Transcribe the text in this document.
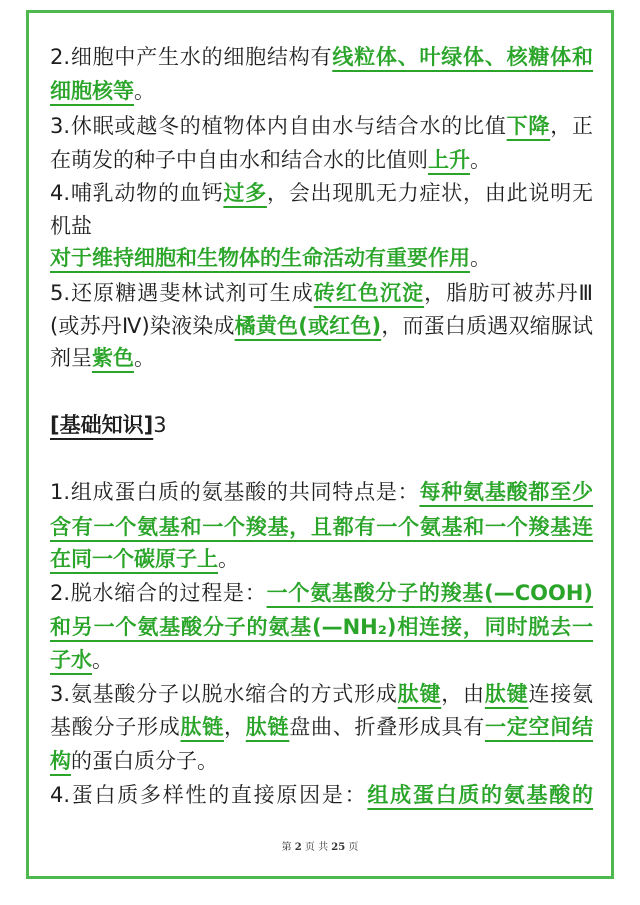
2.细胞中产生水的细胞结构有线粒体、叶绿体、核糖体和
细胞核等。
3.休眠或越冬的植物体内自由水与结合水的比值下降，正
在萌发的种子中自由水和结合水的比值则上升。
4.哺乳动物的血钙过多，会出现肌无力症状，由此说明无
机盐
对于维持细胞和生物体的生命活动有重要作用。
5.还原糖遇斐林试剂可生成砖红色沉淀，脂肪可被苏丹Ⅲ
(或苏丹Ⅳ)染液染成橘黄色(或红色)，而蛋白质遇双缩脲试
剂呈紫色。
[基础知识]3
1.组成蛋白质的氨基酸的共同特点是：每种氨基酸都至少
含有一个氨基和一个羧基，且都有一个氨基和一个羧基连
在同一个碳原子上。
2.脱水缩合的过程是：一个氨基酸分子的羧基(—COOH)
和另一个氨基酸分子的氨基(—NH₂)相连接，同时脱去一
子水。
3.氨基酸分子以脱水缩合的方式形成肽键，由肽键连接氨
基酸分子形成肽链，肽链盘曲、折叠形成具有一定空间结
构的蛋白质分子。
4.蛋白质多样性的直接原因是：组成蛋白质的氨基酸的
第 2 页 共 25 页
